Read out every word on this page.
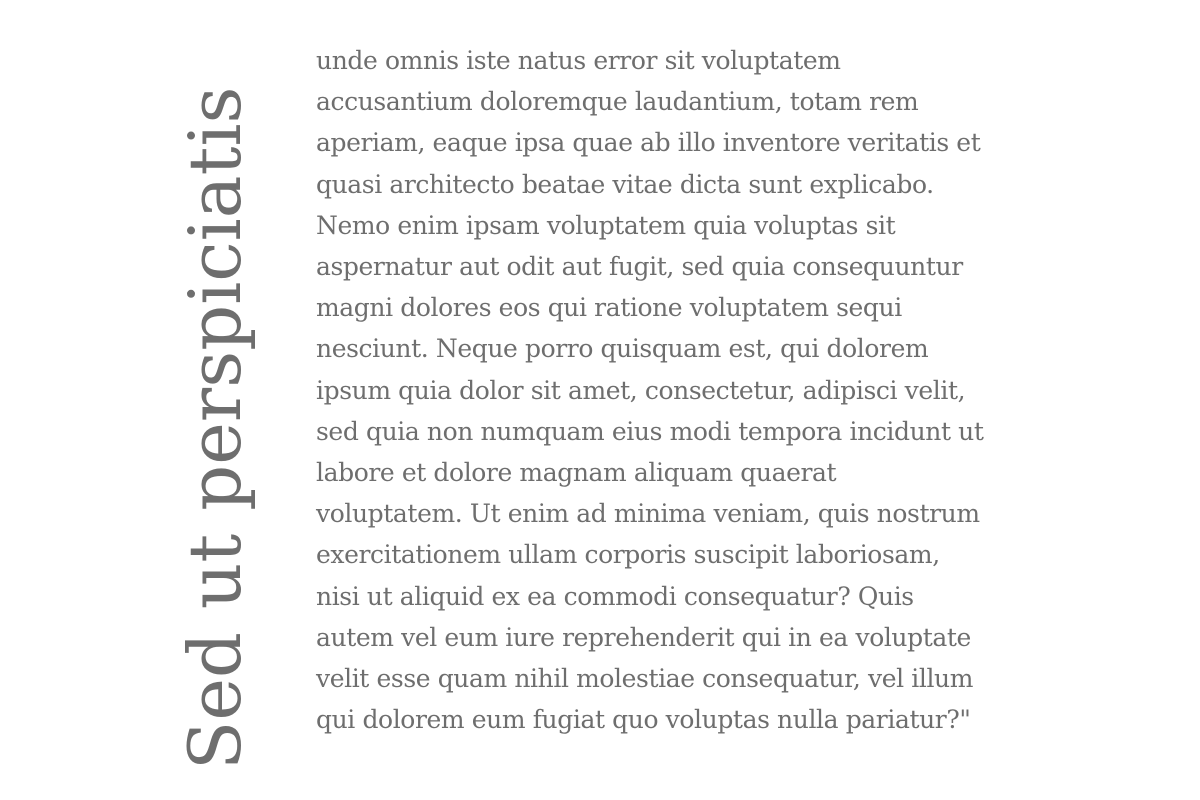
Sed ut perspiciatis
unde omnis iste natus error sit voluptatem
accusantium doloremque laudantium, totam rem
aperiam, eaque ipsa quae ab illo inventore veritatis et
quasi architecto beatae vitae dicta sunt explicabo.
Nemo enim ipsam voluptatem quia voluptas sit
aspernatur aut odit aut fugit, sed quia consequuntur
magni dolores eos qui ratione voluptatem sequi
nesciunt. Neque porro quisquam est, qui dolorem
ipsum quia dolor sit amet, consectetur, adipisci velit,
sed quia non numquam eius modi tempora incidunt ut
labore et dolore magnam aliquam quaerat
voluptatem. Ut enim ad minima veniam, quis nostrum
exercitationem ullam corporis suscipit laboriosam,
nisi ut aliquid ex ea commodi consequatur? Quis
autem vel eum iure reprehenderit qui in ea voluptate
velit esse quam nihil molestiae consequatur, vel illum
qui dolorem eum fugiat quo voluptas nulla pariatur?"
